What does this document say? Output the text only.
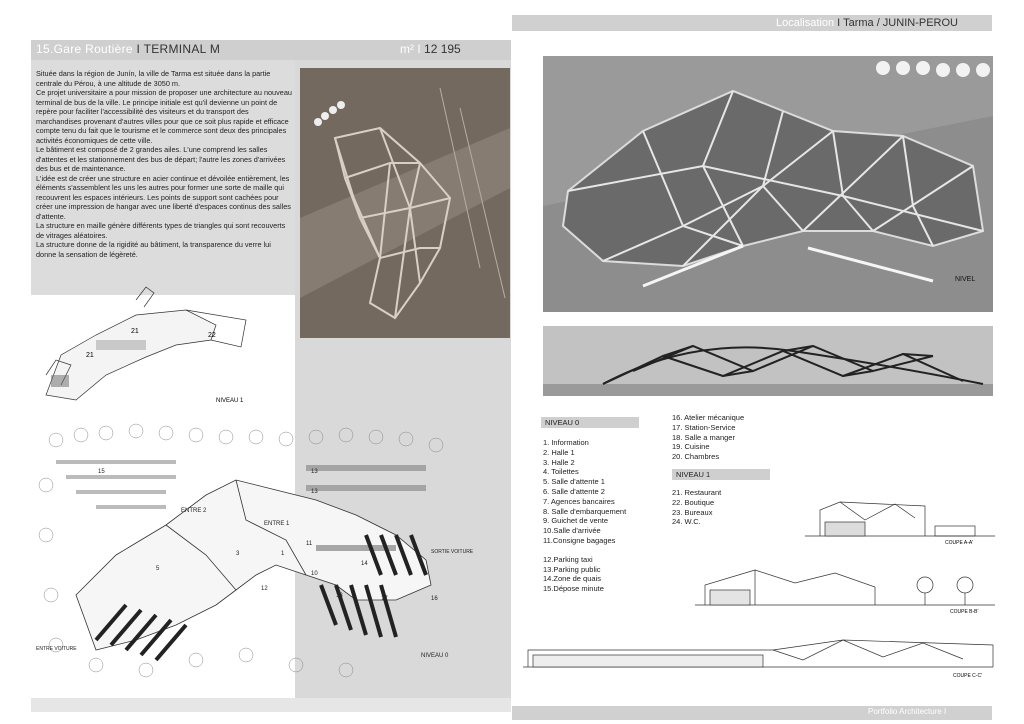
15.Gare Routière I TERMINAL M	m² I 12 195
Située dans la région de Junín, la ville de Tarma est située dans la partie centrale du Pérou, à une altitude de 3050 m.
Ce projet universitaire a pour mission de proposer une architecture au nouveau terminal de bus de la ville. Le principe initiale est qu'il devienne un point de repère pour faciliter l'accessibilité des visiteurs et du transport des marchandises provenant d'autres villes pour que ce soit plus rapide et efficace compte tenu du fait que le tourisme et le commerce sont deux des principales activités économiques de cette ville.
Le bâtiment est composé de 2 grandes ailes. L'une comprend les salles d'attentes et les stationnement des bus de départ; l'autre les zones d'arrivées des bus et de maintenance.
L'idée est de créer une structure en acier continue et dévoilée entièrement, les éléments s'assemblent les uns les autres pour former une sorte de maille qui recouvrent les espaces intérieurs. Les points de support sont cachées pour créer une impression de hangar avec une liberté d'espaces continus des salles d'attente.
La structure en maille génère différents types de triangles qui sont recouverts de vitrages aléatoires.
La structure donne de la rigidité au bâtiment, la transparence du verre lui donne la sensation de légèreté.
21
21
22
NIVEAU 1
15
ENTRE 2
ENTRE 1
13
13
13
14
16
12
10
11
17
SORTIE VOITURE
ENTRE VOITURE
1
3
5
NIVEAU 0
Localisation I Tarma / JUNIN-PEROU
NIVEL
NIVEAU 0
1. Information
2. Halle 1
3. Halle 2
4. Toilettes
5. Salle d'attente 1
6. Salle d'attente 2
7. Agences bancaires
8. Salle d'embarquement
9. Guichet de vente
10.Salle d'arrivée
11.Consigne bagages
12.Parking taxi
13.Parking public
14.Zone de quais
15.Dépose minute
16. Atelier mécanique
17. Station-Service
18. Salle a manger
19. Cuisine
20. Chambres
NIVEAU 1
21. Restaurant
22. Boutique
23. Bureaux
24. W.C.
COUPE A-A'
COUPE B-B'
COUPE C-C'
Portfolio Architecture I
